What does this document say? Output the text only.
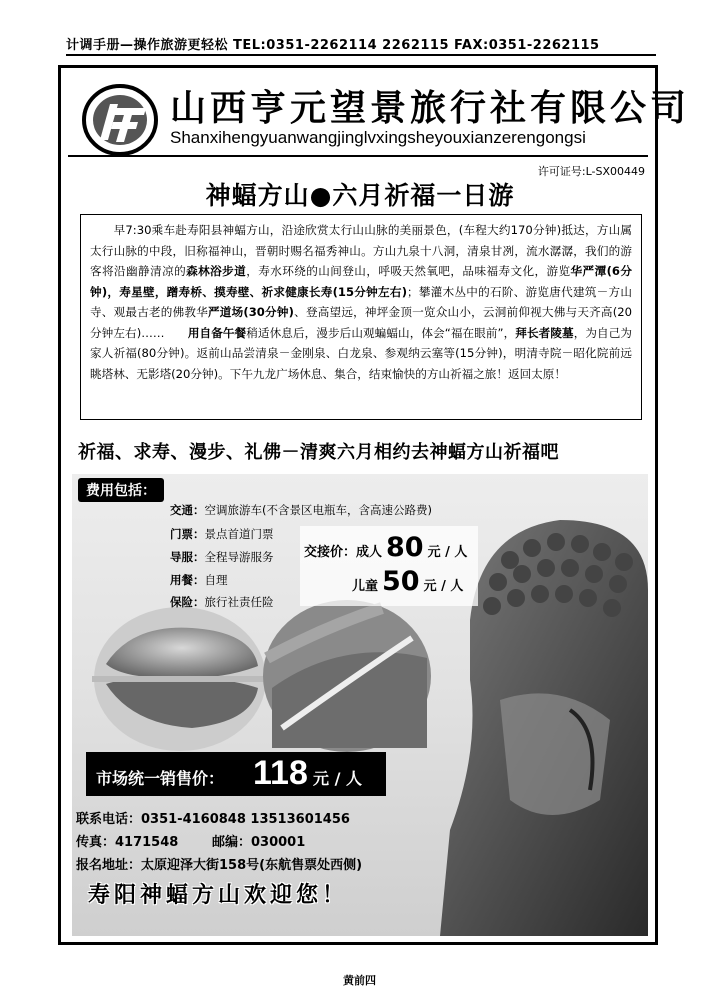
计调手册—操作旅游更轻松 TEL:0351-2262114 2262115 FAX:0351-2262115
山西亨元望景旅行社有限公司
Shanxihengyuanwangjinglvxingsheyouxianzerengongsi
许可证号:L-SX00449
神蝠方山●六月祈福一日游
　　早7:30乘车赴寿阳县神蝠方山，沿途欣赏太行山山脉的美丽景色，(车程大约170分钟)抵达，方山属太行山脉的中段，旧称福神山，晋朝时赐名福秀神山。方山九泉十八洞，清泉甘冽，流水潺潺，我们的游客将沿幽静清凉的森林浴步道，寿水环绕的山间登山，呼吸天然氧吧，品味福寿文化，游览华严潭(6分钟)，寿星壁，蹭寿桥、摸寿壁、祈求健康长寿(15分钟左右)；攀灌木丛中的石阶、游览唐代建筑－方山寺、观最古老的佛教华严道场(30分钟)、登高望远，神坪金顶一览众山小，云洞前仰视大佛与天齐高(20分钟左右)……　　用自备午餐稍适休息后，漫步后山观蝙蝠山，体会“福在眼前”，拜长者陵墓，为自己为家人祈福(80分钟)。返前山品尝清泉－金刚泉、白龙泉、参观纳云塞等(15分钟)，明清寺院－昭化院前远眺塔林、无影塔(20分钟)。下午九龙广场休息、集合，结束愉快的方山祈福之旅！返回太原！
祈福、求寿、漫步、礼佛－清爽六月相约去神蝠方山祈福吧
费用包括：
交通：空调旅游车(不含景区电瓶车，含高速公路费)
门票：景点首道门票
导服：全程导游服务
用餐：自理
保险：旅行社责任险
交接价：成人 80 元 / 人
儿童 50 元 / 人
市场统一销售价： 118 元 / 人
联系电话：0351-4160848 13513601456
传真：4171548	邮编：030001
报名地址：太原迎泽大街158号(东航售票处西侧)
寿阳神蝠方山欢迎您！
黄前四
